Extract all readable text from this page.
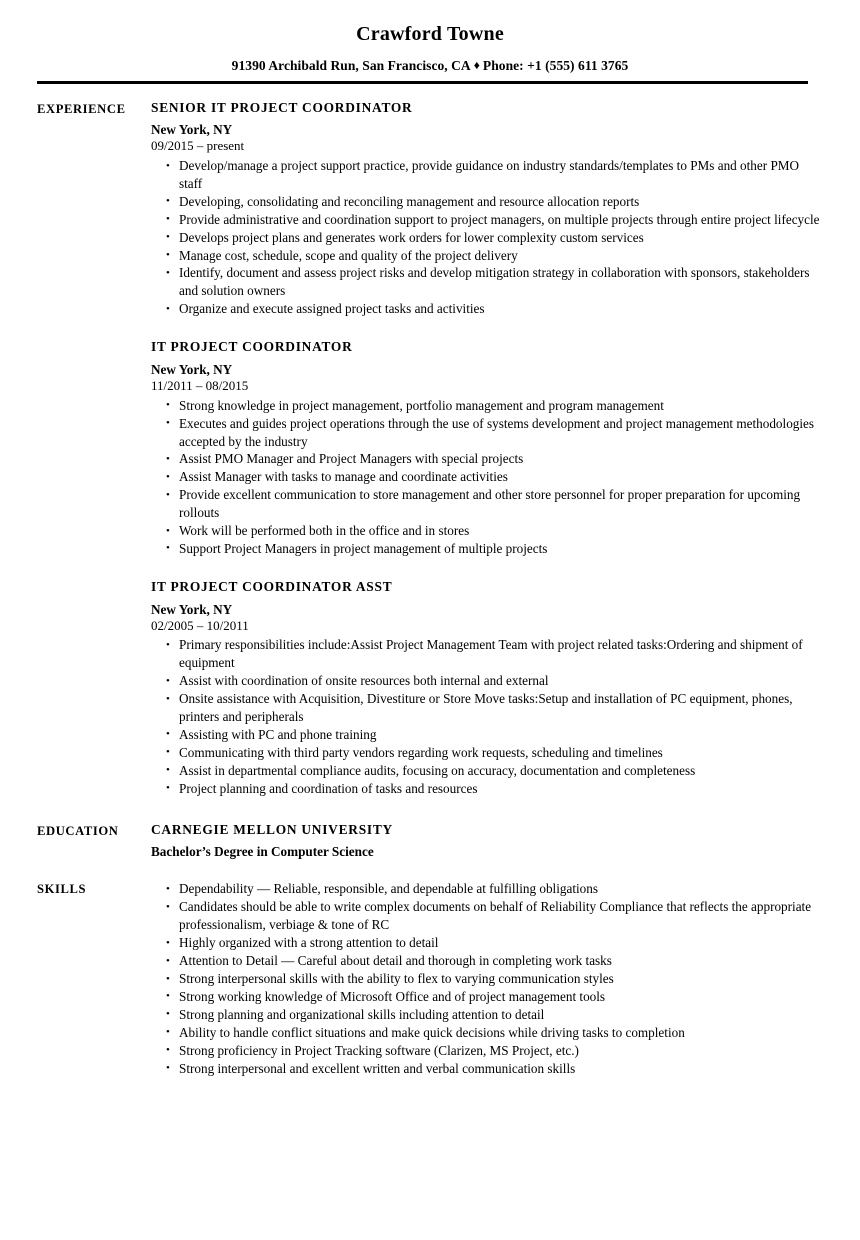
Crawford Towne
91390 Archibald Run, San Francisco, CA ♦ Phone: +1 (555) 611 3765
EXPERIENCE	SENIOR IT PROJECT COORDINATOR
New York, NY
09/2015 – present
• Develop/manage a project support practice, provide guidance on industry standards/templates to PMs and other PMO staff
• Developing, consolidating and reconciling management and resource allocation reports
• Provide administrative and coordination support to project managers, on multiple projects through entire project lifecycle
• Develops project plans and generates work orders for lower complexity custom services
• Manage cost, schedule, scope and quality of the project delivery
• Identify, document and assess project risks and develop mitigation strategy in collaboration with sponsors, stakeholders and solution owners
• Organize and execute assigned project tasks and activities
IT PROJECT COORDINATOR
New York, NY
11/2011 – 08/2015
• Strong knowledge in project management, portfolio management and program management
• Executes and guides project operations through the use of systems development and project management methodologies accepted by the industry
• Assist PMO Manager and Project Managers with special projects
• Assist Manager with tasks to manage and coordinate activities
• Provide excellent communication to store management and other store personnel for proper preparation for upcoming rollouts
• Work will be performed both in the office and in stores
• Support Project Managers in project management of multiple projects
IT PROJECT COORDINATOR ASST
New York, NY
02/2005 – 10/2011
• Primary responsibilities include:Assist Project Management Team with project related tasks:Ordering and shipment of equipment
• Assist with coordination of onsite resources both internal and external
• Onsite assistance with Acquisition, Divestiture or Store Move tasks:Setup and installation of PC equipment, phones, printers and peripherals
• Assisting with PC and phone training
• Communicating with third party vendors regarding work requests, scheduling and timelines
• Assist in departmental compliance audits, focusing on accuracy, documentation and completeness
• Project planning and coordination of tasks and resources
EDUCATION	CARNEGIE MELLON UNIVERSITY
Bachelor’s Degree in Computer Science
SKILLS	• Dependability — Reliable, responsible, and dependable at fulfilling obligations
• Candidates should be able to write complex documents on behalf of Reliability Compliance that reflects the appropriate professionalism, verbiage & tone of RC
• Highly organized with a strong attention to detail
• Attention to Detail — Careful about detail and thorough in completing work tasks
• Strong interpersonal skills with the ability to flex to varying communication styles
• Strong working knowledge of Microsoft Office and of project management tools
• Strong planning and organizational skills including attention to detail
• Ability to handle conflict situations and make quick decisions while driving tasks to completion
• Strong proficiency in Project Tracking software (Clarizen, MS Project, etc.)
• Strong interpersonal and excellent written and verbal communication skills
